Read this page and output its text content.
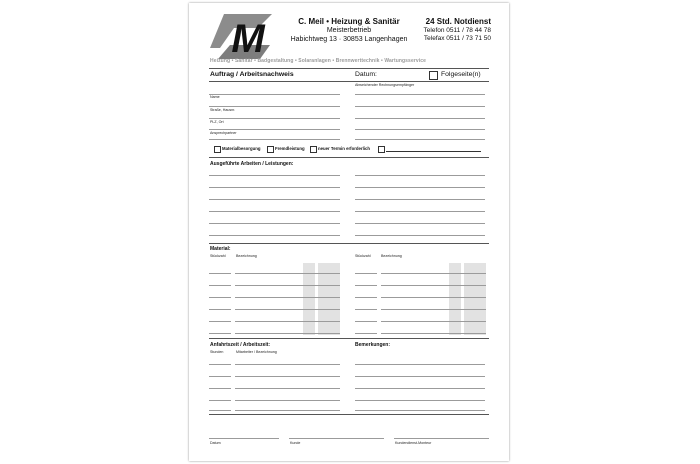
M	C. Meil • Heizung & Sanitär
Meisterbetrieb
Habichtweg 13 · 30853 Langenhagen
24 Std. Notdienst
Telefon 0511 / 78 44 78
Telefax 0511 / 73 71 50
Heizung • Sanitär • Badgestaltung • Solaranlagen • Brennwerttechnik • Wartungsservice
Auftrag / Arbeitsnachweis	Datum:	Folgeseite(n)
Name
Straße, Hausnr.
PLZ, Ort
Ansprechpartner
Abweichender Rechnungsempfänger
Materialbesorgung	Fremdleistung	neuer Termin erforderlich
Ausgeführte Arbeiten / Leistungen:
Material:
Stückzahl	Bezeichnung	Stückzahl	Bezeichnung
Anfahrtszeit / Arbeitszeit:	Bemerkungen:
Stunden	Mitarbeiter / Bezeichnung
Datum	Kunde	Kundendienst-Monteur
